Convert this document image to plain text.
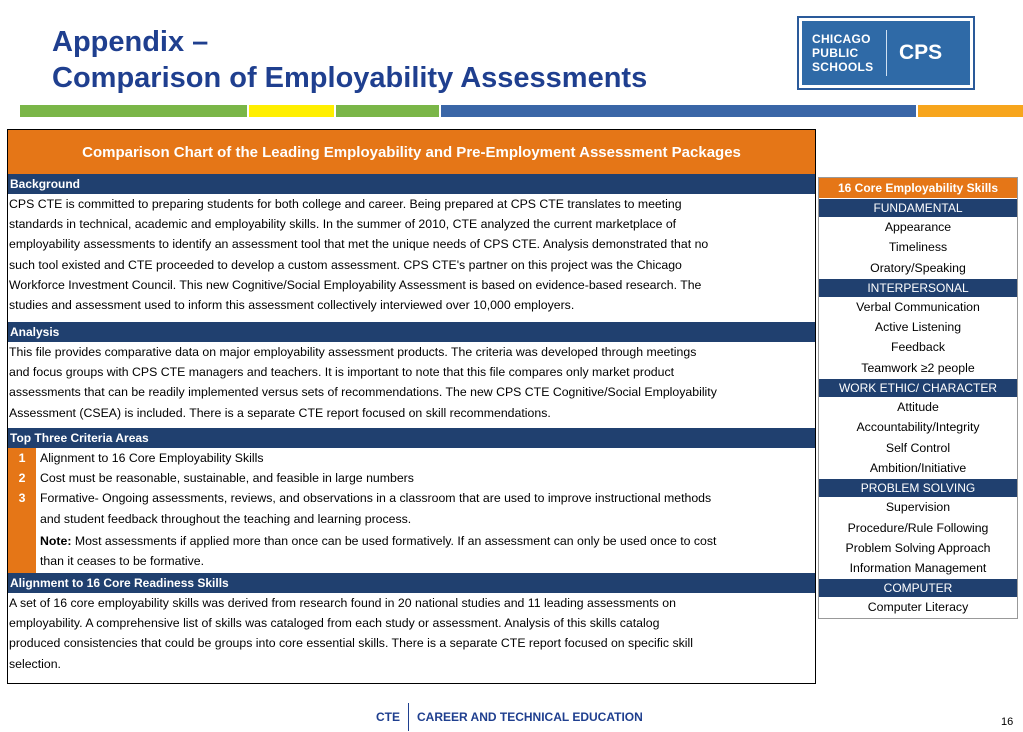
Appendix –
Comparison of Employability Assessments
CHICAGO
PUBLIC
SCHOOLS
CPS
Comparison Chart of the Leading Employability and Pre-Employment Assessment Packages
Background
CPS CTE is committed to preparing students for both college and career. Being prepared at CPS CTE translates to meeting
standards in technical, academic and employability skills. In the summer of 2010, CTE analyzed the current marketplace of
employability assessments to identify an assessment tool that met the unique needs of CPS CTE. Analysis demonstrated that no
such tool existed and CTE proceeded to develop a custom assessment. CPS CTE's partner on this project was the Chicago
Workforce Investment Council. This new Cognitive/Social Employability Assessment is based on evidence-based research. The
studies and assessment used to inform this assessment collectively interviewed over 10,000 employers.
Analysis
This file provides comparative data on major employability assessment products. The criteria was developed through meetings
and focus groups with CPS CTE managers and teachers. It is important to note that this file compares only market product
assessments that can be readily implemented versus sets of recommendations. The new CPS CTE Cognitive/Social Employability
Assessment (CSEA) is included. There is a separate CTE report focused on skill recommendations.
Top Three Criteria Areas
1	Alignment to 16 Core Employability Skills
2	Cost must be reasonable, sustainable, and feasible in large numbers
3	Formative- Ongoing assessments, reviews, and observations in a classroom that are used to improve instructional methods
and student feedback throughout the teaching and learning process.
Note: Most assessments if applied more than once can be used formatively. If an assessment can only be used once to cost
than it ceases to be formative.
Alignment to 16 Core Readiness Skills
A set of 16 core employability skills was derived from research found in 20 national studies and 11 leading assessments on
employability. A comprehensive list of skills was cataloged from each study or assessment. Analysis of this skills catalog
produced consistencies that could be groups into core essential skills. There is a separate CTE report focused on specific skill
selection.
16 Core Employability Skills
FUNDAMENTAL
Appearance
Timeliness
Oratory/Speaking
INTERPERSONAL
Verbal Communication
Active Listening
Feedback
Teamwork ≥2 people
WORK ETHIC/ CHARACTER
Attitude
Accountability/Integrity
Self Control
Ambition/Initiative
PROBLEM SOLVING
Supervision
Procedure/Rule Following
Problem Solving Approach
Information Management
COMPUTER
Computer Literacy
CTE CAREER AND TECHNICAL EDUCATION	16
